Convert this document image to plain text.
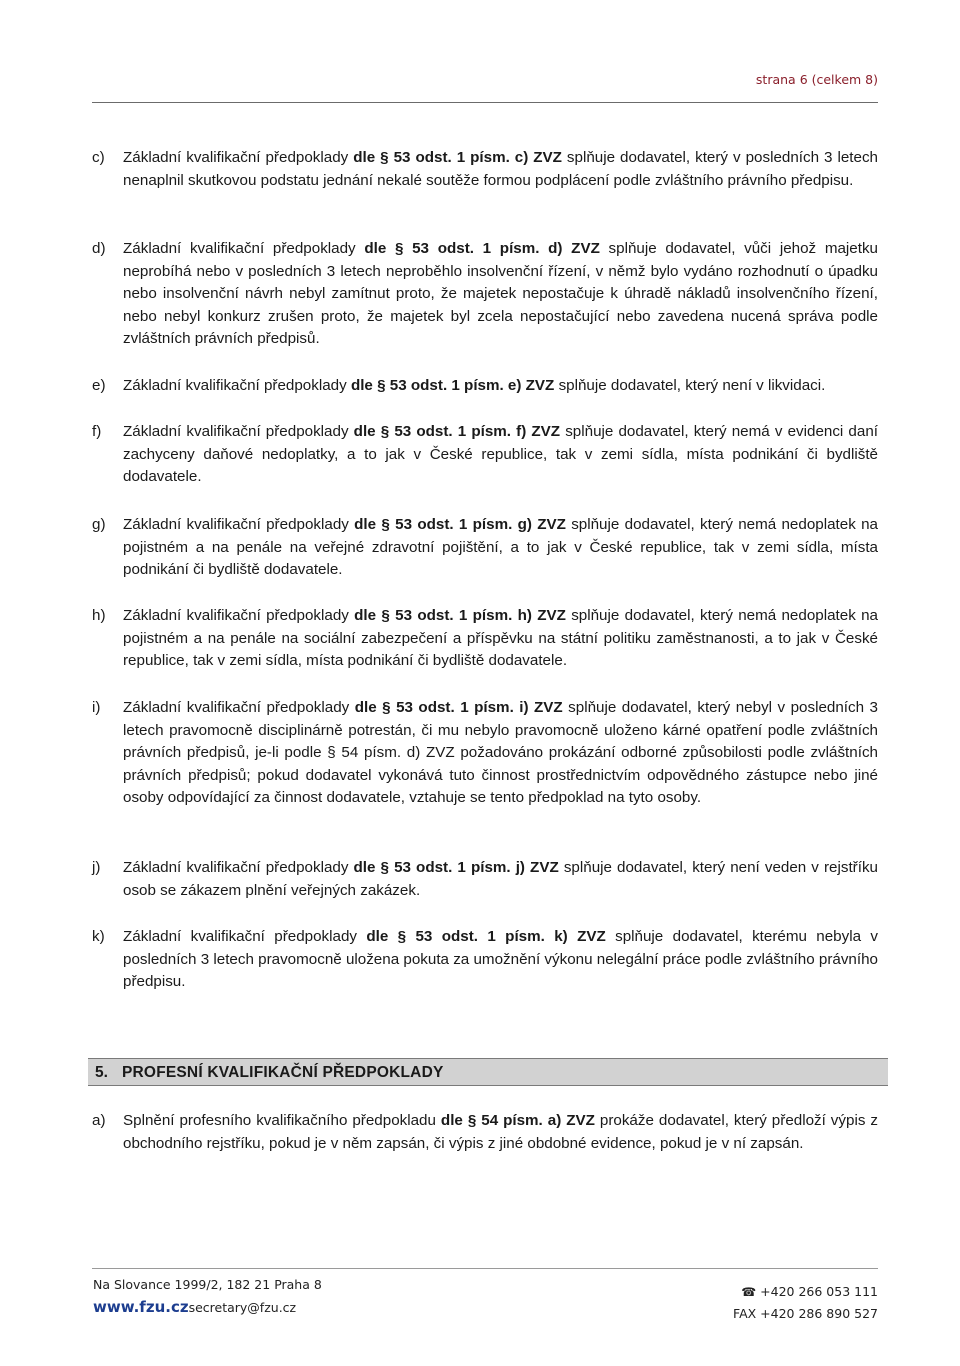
strana 6 (celkem 8)
c) Základní kvalifikační předpoklady dle § 53 odst. 1 písm. c) ZVZ splňuje dodavatel, který v posledních 3 letech nenaplnil skutkovou podstatu jednání nekalé soutěže formou podplácení podle zvláštního právního předpisu.
d) Základní kvalifikační předpoklady dle § 53 odst. 1 písm. d) ZVZ splňuje dodavatel, vůči jehož majetku neprobíhá nebo v posledních 3 letech neproběhlo insolvenční řízení, v němž bylo vydáno rozhodnutí o úpadku nebo insolvenční návrh nebyl zamítnut proto, že majetek nepostačuje k úhradě nákladů insolvenčního řízení, nebo nebyl konkurz zrušen proto, že majetek byl zcela nepostačující nebo zavedena nucená správa podle zvláštních právních předpisů.
e) Základní kvalifikační předpoklady dle § 53 odst. 1 písm. e) ZVZ splňuje dodavatel, který není v likvidaci.
f) Základní kvalifikační předpoklady dle § 53 odst. 1 písm. f) ZVZ splňuje dodavatel, který nemá v evidenci daní zachyceny daňové nedoplatky, a to jak v České republice, tak v zemi sídla, místa podnikání či bydliště dodavatele.
g) Základní kvalifikační předpoklady dle § 53 odst. 1 písm. g) ZVZ splňuje dodavatel, který nemá nedoplatek na pojistném a na penále na veřejné zdravotní pojištění, a to jak v České republice, tak v zemi sídla, místa podnikání či bydliště dodavatele.
h) Základní kvalifikační předpoklady dle § 53 odst. 1 písm. h) ZVZ splňuje dodavatel, který nemá nedoplatek na pojistném a na penále na sociální zabezpečení a příspěvku na státní politiku zaměstnanosti, a to jak v České republice, tak v zemi sídla, místa podnikání či bydliště dodavatele.
i) Základní kvalifikační předpoklady dle § 53 odst. 1 písm. i) ZVZ splňuje dodavatel, který nebyl v posledních 3 letech pravomocně disciplinárně potrestán, či mu nebylo pravomocně uloženo kárné opatření podle zvláštních právních předpisů, je-li podle § 54 písm. d) ZVZ požadováno prokázání odborné způsobilosti podle zvláštních právních předpisů; pokud dodavatel vykonává tuto činnost prostřednictvím odpovědného zástupce nebo jiné osoby odpovídající za činnost dodavatele, vztahuje se tento předpoklad na tyto osoby.
j) Základní kvalifikační předpoklady dle § 53 odst. 1 písm. j) ZVZ splňuje dodavatel, který není veden v rejstříku osob se zákazem plnění veřejných zakázek.
k) Základní kvalifikační předpoklady dle § 53 odst. 1 písm. k) ZVZ splňuje dodavatel, kterému nebyla v posledních 3 letech pravomocně uložena pokuta za umožnění výkonu nelegální práce podle zvláštního právního předpisu.
5. PROFESNÍ KVALIFIKAČNÍ PŘEDPOKLADY
a) Splnění profesního kvalifikačního předpokladu dle § 54 písm. a) ZVZ prokáže dodavatel, který předloží výpis z obchodního rejstříku, pokud je v něm zapsán, či výpis z jiné obdobné evidence, pokud je v ní zapsán.
Na Slovance 1999/2, 182 21 Praha 8
www.fzu.czsecretary@fzu.cz
☎ +420 266 053 111
FAX +420 286 890 527
